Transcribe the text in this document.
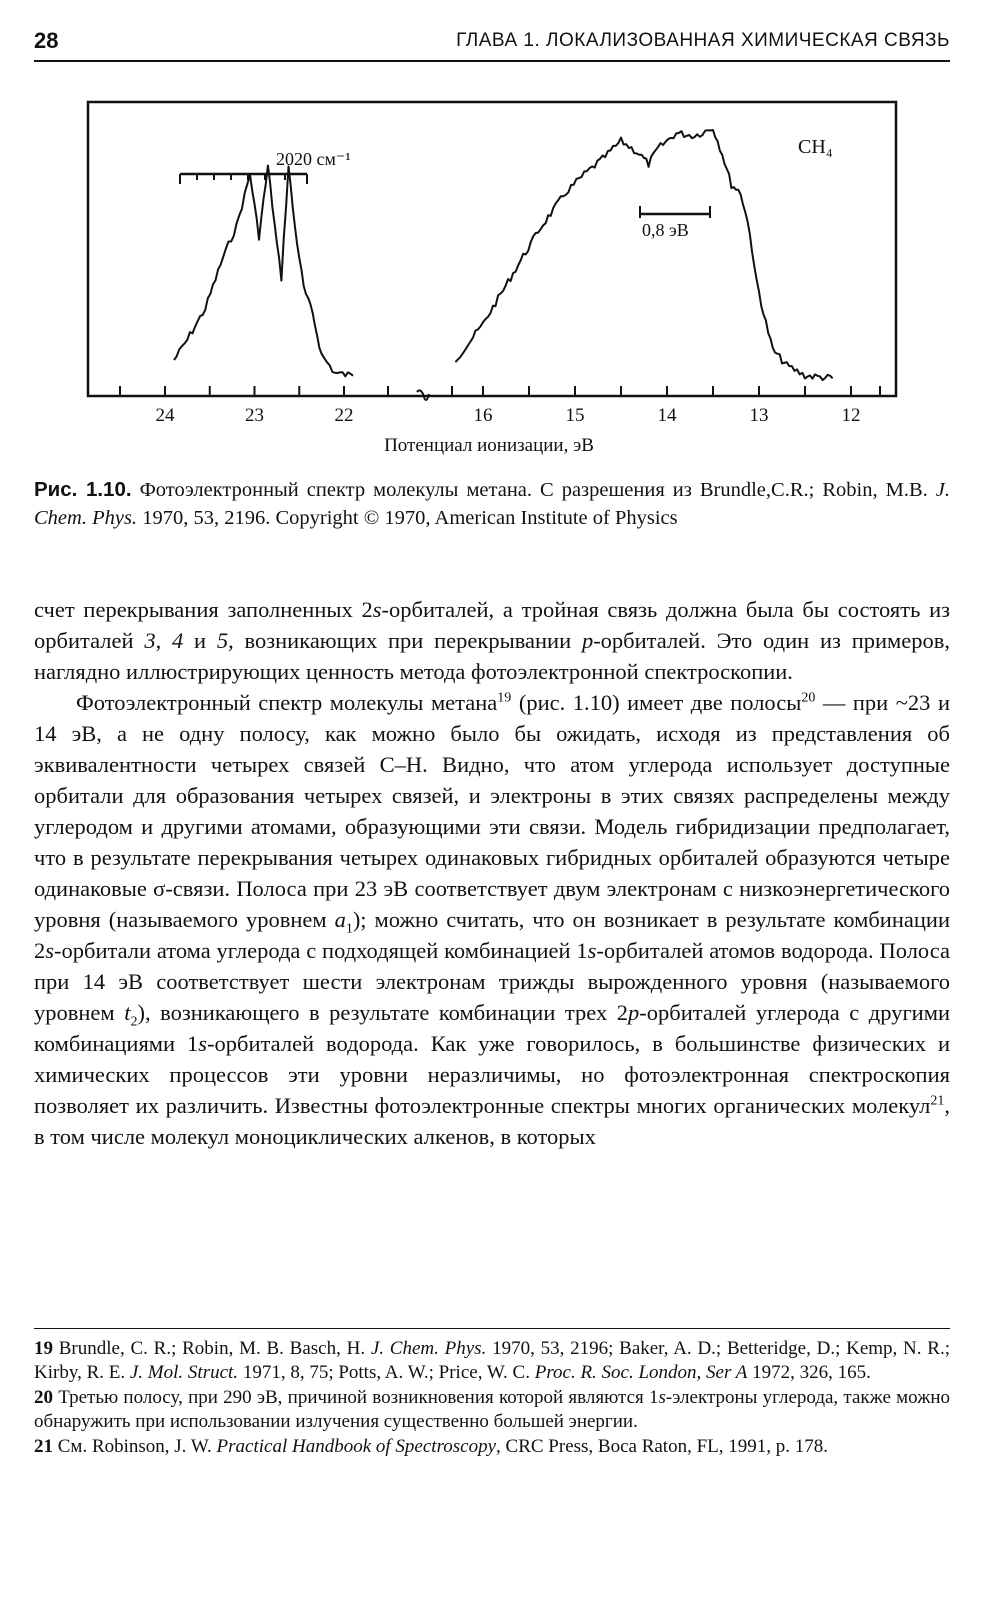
28	ГЛАВА 1. ЛОКАЛИЗОВАННАЯ ХИМИЧЕСКАЯ СВЯЗЬ
24	23	22	16	15	14	13	12
2020 см⁻¹
0,8 эВ
CH₄
Потенциал ионизации, эВ
Рис. 1.10. Фотоэлектронный спектр молекулы метана. С разрешения из Brundle,C.R.; Robin, M.B. J. Chem. Phys. 1970, 53, 2196. Copyright © 1970, American Institute of Physics

счет перекрывания заполненных 2s-орбиталей, а тройная связь должна была бы состоять из орбиталей 3, 4 и 5, возникающих при перекрывании p-орбиталей. Это один из примеров, наглядно иллюстрирующих ценность метода фотоэлектронной спектроскопии.

Фотоэлектронный спектр молекулы метана$^{19}$ (рис. 1.10) имеет две полосы$^{20}$ — при ~23 и 14 эВ, а не одну полосу, как можно было бы ожидать, исходя из представления об эквивалентности четырех связей С–Н. Видно, что атом углерода использует доступные орбитали для образования четырех связей, и электроны в этих связях распределены между углеродом и другими атомами, образующими эти связи. Модель гибридизации предполагает, что в результате перекрывания четырех одинаковых гибридных орбиталей образуются четыре одинаковые σ-связи. Полоса при 23 эВ соответствует двум электронам с низкоэнергетического уровня (называемого уровнем $a_1$); можно считать, что он возникает в результате комбинации 2s-орбитали атома углерода с подходящей комбинацией 1s-орбиталей атомов водорода. Полоса при 14 эВ соответствует шести электронам трижды вырожденного уровня (называемого уровнем $t_2$), возникающего в результате комбинации трех 2p-орбиталей углерода с другими комбинациями 1s-орбиталей водорода. Как уже говорилось, в большинстве физических и химических процессов эти уровни неразличимы, но фотоэлектронная спектроскопия позволяет их различить. Известны фотоэлектронные спектры многих органических молекул$^{21}$, в том числе молекул моноциклических алкенов, в которых

19 Brundle, C. R.; Robin, M. B. Basch, H. J. Chem. Phys. 1970, 53, 2196; Baker, A. D.; Betteridge, D.; Kemp, N. R.; Kirby, R. E. J. Mol. Struct. 1971, 8, 75; Potts, A. W.; Price, W. C. Proc. R. Soc. London, Ser A 1972, 326, 165.

20 Третью полосу, при 290 эВ, причиной возникновения которой являются 1s-электроны углерода, также можно обнаружить при использовании излучения существенно большей энергии.

21 См. Robinson, J. W. Practical Handbook of Spectroscopy, CRC Press, Boca Raton, FL, 1991, p. 178.
